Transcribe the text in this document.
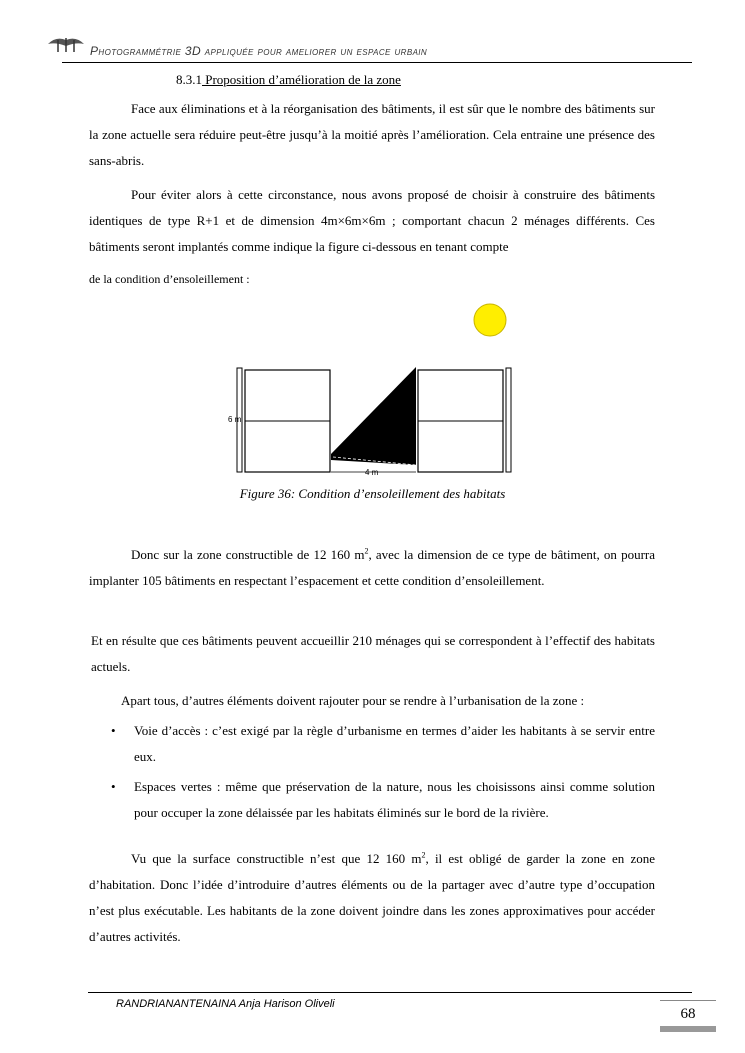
Photogrammétrie 3D appliquée pour ameliorer un espace urbain
8.3.1 Proposition d’amélioration de la zone

Face aux éliminations et à la réorganisation des bâtiments, il est sûr que le nombre des bâtiments sur la zone actuelle sera réduire peut-être jusqu’à la moitié après l’amélioration. Cela entraine une présence des sans-abris.

Pour éviter alors à cette circonstance, nous avons proposé de choisir à construire des bâtiments identiques de type R+1 et de dimension 4m×6m×6m ; comportant chacun 2 ménages différents. Ces bâtiments seront implantés comme indique la figure ci-dessous en tenant compte

de la condition d’ensoleillement :

4 m
6 m
Figure 36: Condition d’ensoleillement des habitats

Donc sur la zone constructible de 12 160 $m^2$, avec la dimension de ce type de bâtiment, on pourra implanter 105 bâtiments en respectant l’espacement et cette condition d’ensoleillement.

Et en résulte que ces bâtiments peuvent accueillir 210 ménages qui se correspondent à l’effectif des habitats actuels.

Apart tous, d’autres éléments doivent rajouter pour se rendre à l’urbanisation de la zone :

• Voie d’accès : c’est exigé par la règle d’urbanisme en termes d’aider les habitants à se servir entre eux.
• Espaces vertes : même que préservation de la nature, nous les choisissons ainsi comme solution pour occuper la zone délaissée par les habitats éliminés sur le bord de la rivière.

Vu que la surface constructible n’est que 12 160 $m^2$, il est obligé de garder la zone en zone d’habitation. Donc l’idée d’introduire d’autres éléments ou de la partager avec d’autre type d’occupation n’est plus exécutable. Les habitants de la zone doivent joindre dans les zones approximatives pour accéder d’autres activités.

RANDRIANANTENAINA Anja Harison Oliveli
68
